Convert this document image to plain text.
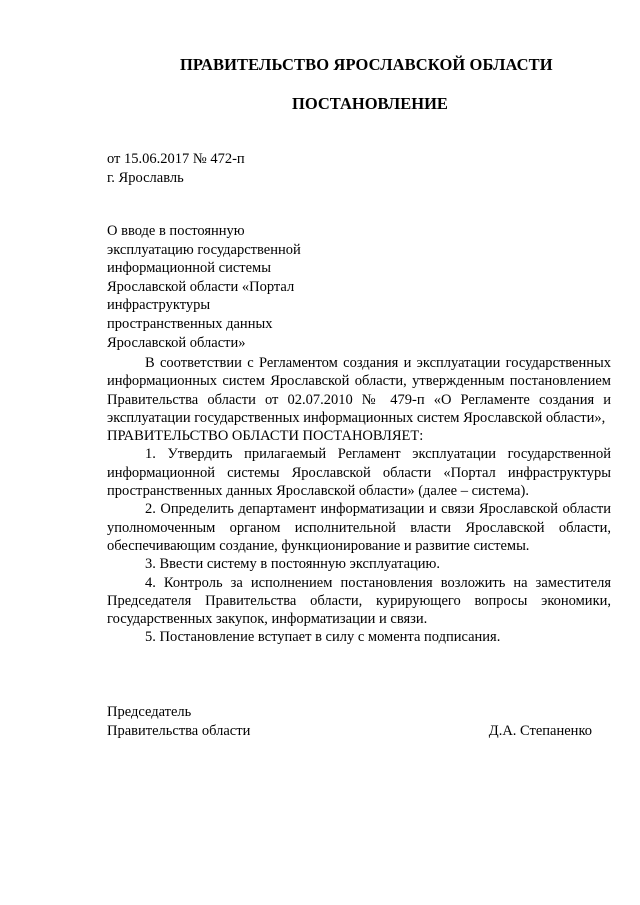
ПРАВИТЕЛЬСТВО ЯРОСЛАВСКОЙ ОБЛАСТИ
ПОСТАНОВЛЕНИЕ
от 15.06.2017 № 472-п
г. Ярославль
О вводе в постоянную
эксплуатацию государственной
информационной системы
Ярославской области «Портал
инфраструктуры
пространственных данных
Ярославской области»

В соответствии с Регламентом создания и эксплуатации государственных информационных систем Ярославской области, утвержденным постановлением Правительства области от 02.07.2010 № 479-п «О Регламенте создания и эксплуатации государственных информационных систем Ярославской области»,

ПРАВИТЕЛЬСТВО ОБЛАСТИ ПОСТАНОВЛЯЕТ:

1. Утвердить прилагаемый Регламент эксплуатации государственной информационной системы Ярославской области «Портал инфраструктуры пространственных данных Ярославской области» (далее – система).

2. Определить департамент информатизации и связи Ярославской области уполномоченным органом исполнительной власти Ярославской области, обеспечивающим создание, функционирование и развитие системы.

3. Ввести систему в постоянную эксплуатацию.

4. Контроль за исполнением постановления возложить на заместителя Председателя Правительства области, курирующего вопросы экономики, государственных закупок, информатизации и связи.

5. Постановление вступает в силу с момента подписания.

Председатель
Правительства области	Д.А. Степаненко
